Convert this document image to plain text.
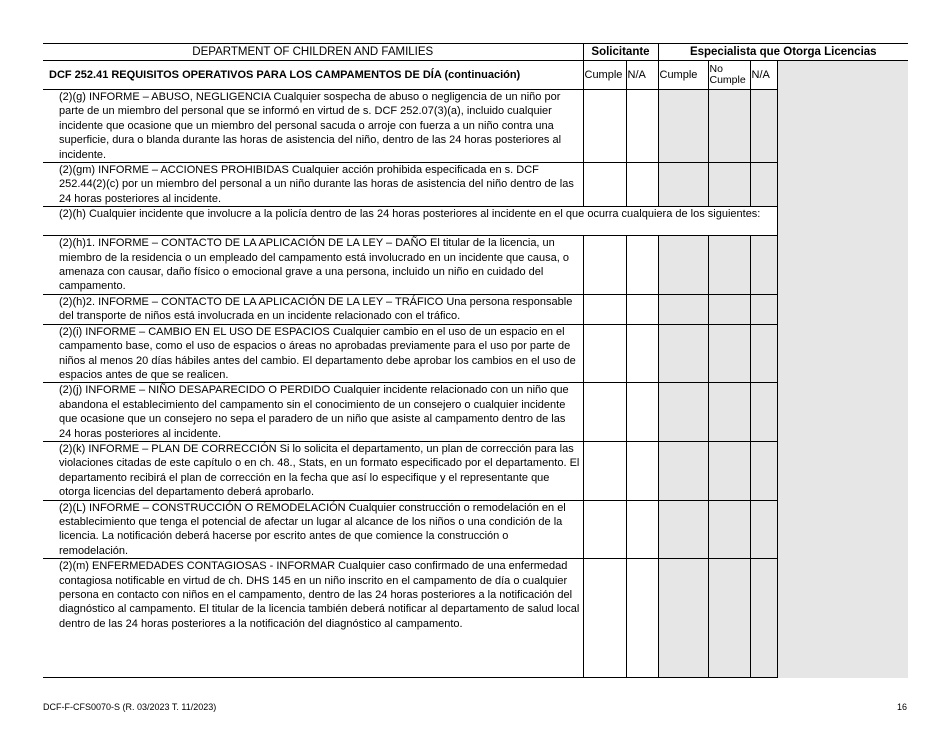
DEPARTMENT OF CHILDREN AND FAMILIES	Solicitante		Especialista que Otorga Licencias			
DCF 252.41 REQUISITOS OPERATIVOS PARA LOS CAMPAMENTOS DE DÍA (continuación)	Cumple	N/A	Cumple	No Cumple	N/A	
(2)(g) INFORME – ABUSO, NEGLIGENCIA Cualquier sospecha de abuso o negligencia de un niño por parte de un miembro del personal que se informó en virtud de s. DCF 252.07(3)(a), incluido cualquier incidente que ocasione que un miembro del personal sacuda o arroje con fuerza a un niño contra una superficie, dura o blanda durante las horas de asistencia del niño, dentro de las 24 horas posteriores al incidente.						
(2)(gm) INFORME – ACCIONES PROHIBIDAS Cualquier acción prohibida especificada en s. DCF 252.44(2)(c) por un miembro del personal a un niño durante las horas de asistencia del niño dentro de las 24 horas posteriores al incidente.						
(2)(h) Cualquier incidente que involucre a la policía dentro de las 24 horas posteriores al incidente en el que ocurra cualquiera de los siguientes:						
(2)(h)1. INFORME – CONTACTO DE LA APLICACIÓN DE LA LEY – DAÑO El titular de la licencia, un miembro de la residencia o un empleado del campamento está involucrado en un incidente que causa, o amenaza con causar, daño físico o emocional grave a una persona, incluido un niño en cuidado del campamento.						
(2)(h)2. INFORME – CONTACTO DE LA APLICACIÓN DE LA LEY – TRÁFICO Una persona responsable del transporte de niños está involucrada en un incidente relacionado con el tráfico.						
(2)(i) INFORME – CAMBIO EN EL USO DE ESPACIOS Cualquier cambio en el uso de un espacio en el campamento base, como el uso de espacios o áreas no aprobadas previamente para el uso por parte de niños al menos 20 días hábiles antes del cambio. El departamento debe aprobar los cambios en el uso de espacios antes de que se realicen.						
(2)(j) INFORME – NIÑO DESAPARECIDO O PERDIDO Cualquier incidente relacionado con un niño que abandona el establecimiento del campamento sin el conocimiento de un consejero o cualquier incidente que ocasione que un consejero no sepa el paradero de un niño que asiste al campamento dentro de las 24 horas posteriores al incidente.						
(2)(k) INFORME – PLAN DE CORRECCIÓN Si lo solicita el departamento, un plan de corrección para las violaciones citadas de este capítulo o en ch. 48., Stats, en un formato especificado por el departamento. El departamento recibirá el plan de corrección en la fecha que así lo especifique y el representante que otorga licencias del departamento deberá aprobarlo.						
(2)(L) INFORME – CONSTRUCCIÓN O REMODELACIÓN Cualquier construcción o remodelación en el establecimiento que tenga el potencial de afectar un lugar al alcance de los niños o una condición de la licencia. La notificación deberá hacerse por escrito antes de que comience la construcción o remodelación.						
(2)(m) ENFERMEDADES CONTAGIOSAS - INFORMAR Cualquier caso confirmado de una enfermedad contagiosa notificable en virtud de ch. DHS 145 en un niño inscrito en el campamento de día o cualquier persona en contacto con niños en el campamento, dentro de las 24 horas posteriores a la notificación del diagnóstico al campamento. El titular de la licencia también deberá notificar al departamento de salud local dentro de las 24 horas posteriores a la notificación del diagnóstico al campamento.						
DCF-F-CFS0070-S (R. 03/2023 T. 11/2023)	16
